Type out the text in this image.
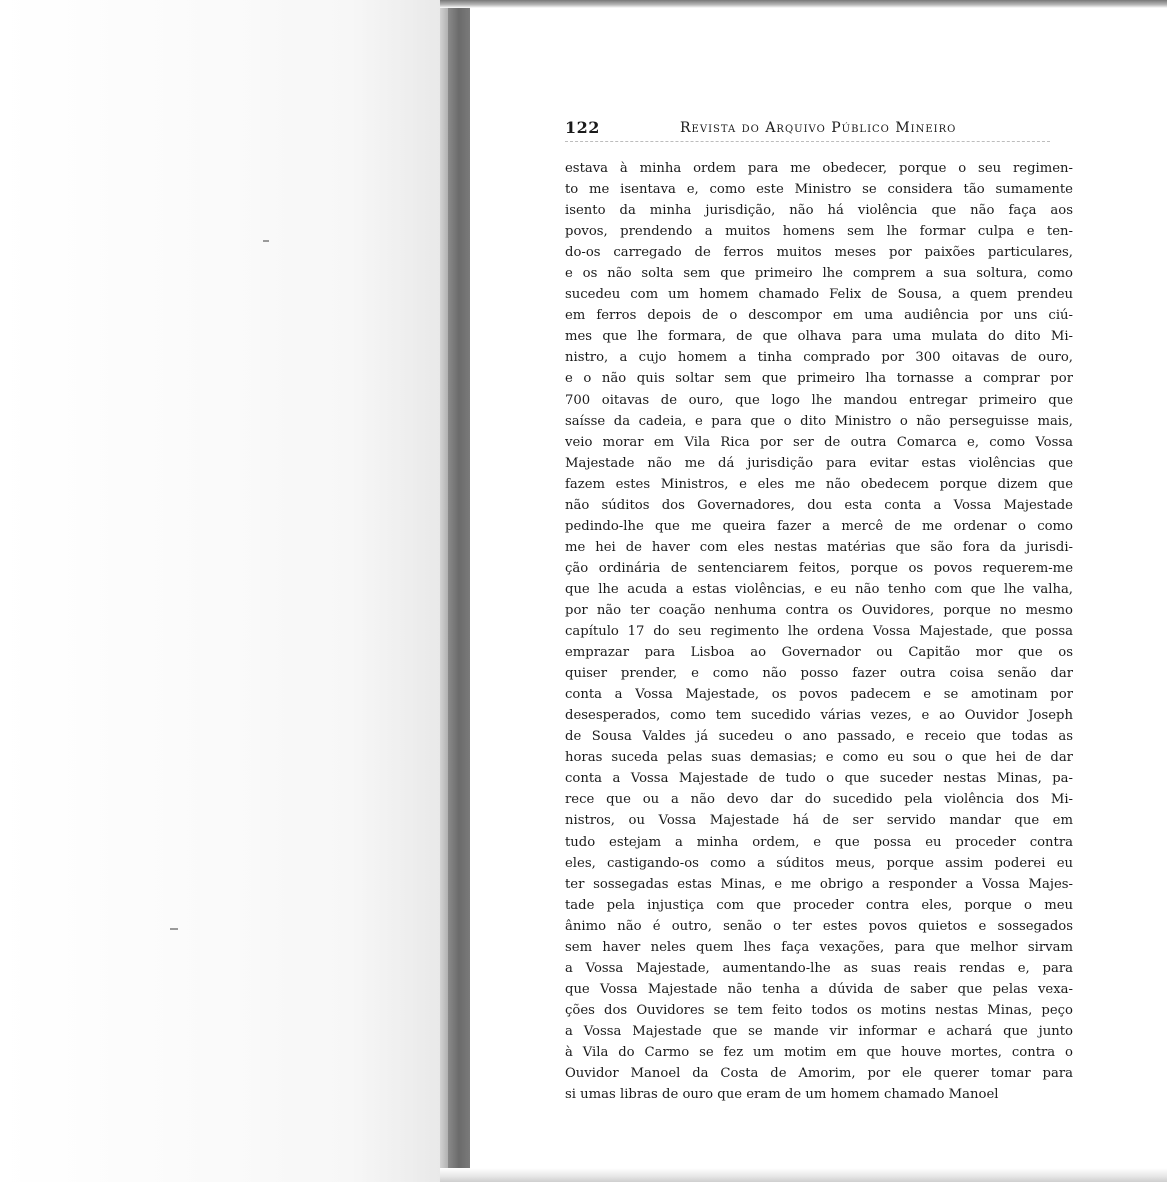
122	Revista do Arquivo Público Mineiro
estava à minha ordem para me obedecer, porque o seu regimen-
to me isentava e, como este Ministro se considera tão sumamente
isento da minha jurisdição, não há violência que não faça aos
povos, prendendo a muitos homens sem lhe formar culpa e ten-
do-os carregado de ferros muitos meses por paixões particulares,
e os não solta sem que primeiro lhe comprem a sua soltura, como
sucedeu com um homem chamado Felix de Sousa, a quem prendeu
em ferros depois de o descompor em uma audiência por uns ciú-
mes que lhe formara, de que olhava para uma mulata do dito Mi-
nistro, a cujo homem a tinha comprado por 300 oitavas de ouro,
e o não quis soltar sem que primeiro lha tornasse a comprar por
700 oitavas de ouro, que logo lhe mandou entregar primeiro que
saísse da cadeia, e para que o dito Ministro o não perseguisse mais,
veio morar em Vila Rica por ser de outra Comarca e, como Vossa
Majestade não me dá jurisdição para evitar estas violências que
fazem estes Ministros, e eles me não obedecem porque dizem que
não súditos dos Governadores, dou esta conta a Vossa Majestade
pedindo-lhe que me queira fazer a mercê de me ordenar o como
me hei de haver com eles nestas matérias que são fora da jurisdi-
ção ordinária de sentenciarem feitos, porque os povos requerem-me
que lhe acuda a estas violências, e eu não tenho com que lhe valha,
por não ter coação nenhuma contra os Ouvidores, porque no mesmo
capítulo 17 do seu regimento lhe ordena Vossa Majestade, que possa
emprazar para Lisboa ao Governador ou Capitão mor que os
quiser prender, e como não posso fazer outra coisa senão dar
conta a Vossa Majestade, os povos padecem e se amotinam por
desesperados, como tem sucedido várias vezes, e ao Ouvidor Joseph
de Sousa Valdes já sucedeu o ano passado, e receio que todas as
horas suceda pelas suas demasias; e como eu sou o que hei de dar
conta a Vossa Majestade de tudo o que suceder nestas Minas, pa-
rece que ou a não devo dar do sucedido pela violência dos Mi-
nistros, ou Vossa Majestade há de ser servido mandar que em
tudo estejam a minha ordem, e que possa eu proceder contra
eles, castigando-os como a súditos meus, porque assim poderei eu
ter sossegadas estas Minas, e me obrigo a responder a Vossa Majes-
tade pela injustiça com que proceder contra eles, porque o meu
ânimo não é outro, senão o ter estes povos quietos e sossegados
sem haver neles quem lhes faça vexações, para que melhor sirvam
a Vossa Majestade, aumentando-lhe as suas reais rendas e, para
que Vossa Majestade não tenha a dúvida de saber que pelas vexa-
ções dos Ouvidores se tem feito todos os motins nestas Minas, peço
a Vossa Majestade que se mande vir informar e achará que junto
à Vila do Carmo se fez um motim em que houve mortes, contra o
Ouvidor Manoel da Costa de Amorim, por ele querer tomar para
si umas libras de ouro que eram de um homem chamado Manoel
